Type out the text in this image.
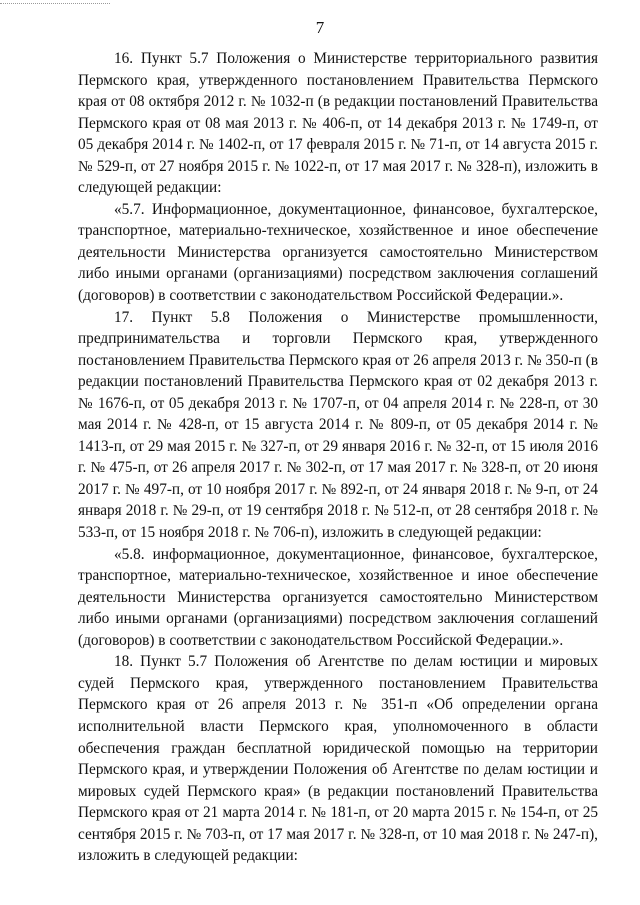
7

16. Пункт 5.7 Положения о Министерстве территориального развития Пермского края, утвержденного постановлением Правительства Пермского края от 08 октября 2012 г. № 1032-п (в редакции постановлений Правительства Пермского края от 08 мая 2013 г. № 406-п, от 14 декабря 2013 г. № 1749-п, от 05 декабря 2014 г. № 1402-п, от 17 февраля 2015 г. № 71-п, от 14 августа 2015 г. № 529-п, от 27 ноября 2015 г. № 1022-п, от 17 мая 2017 г. № 328-п), изложить в следующей редакции:

«5.7. Информационное, документационное, финансовое, бухгалтерское, транспортное, материально-техническое, хозяйственное и иное обеспечение деятельности Министерства организуется самостоятельно Министерством либо иными органами (организациями) посредством заключения соглашений (договоров) в соответствии с законодательством Российской Федерации.».

17. Пункт 5.8 Положения о Министерстве промышленности, предпринимательства и торговли Пермского края, утвержденного постановлением Правительства Пермского края от 26 апреля 2013 г. № 350-п (в редакции постановлений Правительства Пермского края от 02 декабря 2013 г. № 1676-п, от 05 декабря 2013 г. № 1707-п, от 04 апреля 2014 г. № 228-п, от 30 мая 2014 г. № 428-п, от 15 августа 2014 г. № 809-п, от 05 декабря 2014 г. № 1413-п, от 29 мая 2015 г. № 327-п, от 29 января 2016 г. № 32-п, от 15 июля 2016 г. № 475-п, от 26 апреля 2017 г. № 302-п, от 17 мая 2017 г. № 328-п, от 20 июня 2017 г. № 497-п, от 10 ноября 2017 г. № 892-п, от 24 января 2018 г. № 9-п, от 24 января 2018 г. № 29-п, от 19 сентября 2018 г. № 512-п, от 28 сентября 2018 г. № 533-п, от 15 ноября 2018 г. № 706-п), изложить в следующей редакции:

«5.8. информационное, документационное, финансовое, бухгалтерское, транспортное, материально-техническое, хозяйственное и иное обеспечение деятельности Министерства организуется самостоятельно Министерством либо иными органами (организациями) посредством заключения соглашений (договоров) в соответствии с законодательством Российской Федерации.».

18. Пункт 5.7 Положения об Агентстве по делам юстиции и мировых судей Пермского края, утвержденного постановлением Правительства Пермского края от 26 апреля 2013 г. № 351-п «Об определении органа исполнительной власти Пермского края, уполномоченного в области обеспечения граждан бесплатной юридической помощью на территории Пермского края, и утверждении Положения об Агентстве по делам юстиции и мировых судей Пермского края» (в редакции постановлений Правительства Пермского края от 21 марта 2014 г. № 181-п, от 20 марта 2015 г. № 154-п, от 25 сентября 2015 г. № 703-п, от 17 мая 2017 г. № 328-п, от 10 мая 2018 г. № 247-п), изложить в следующей редакции:
